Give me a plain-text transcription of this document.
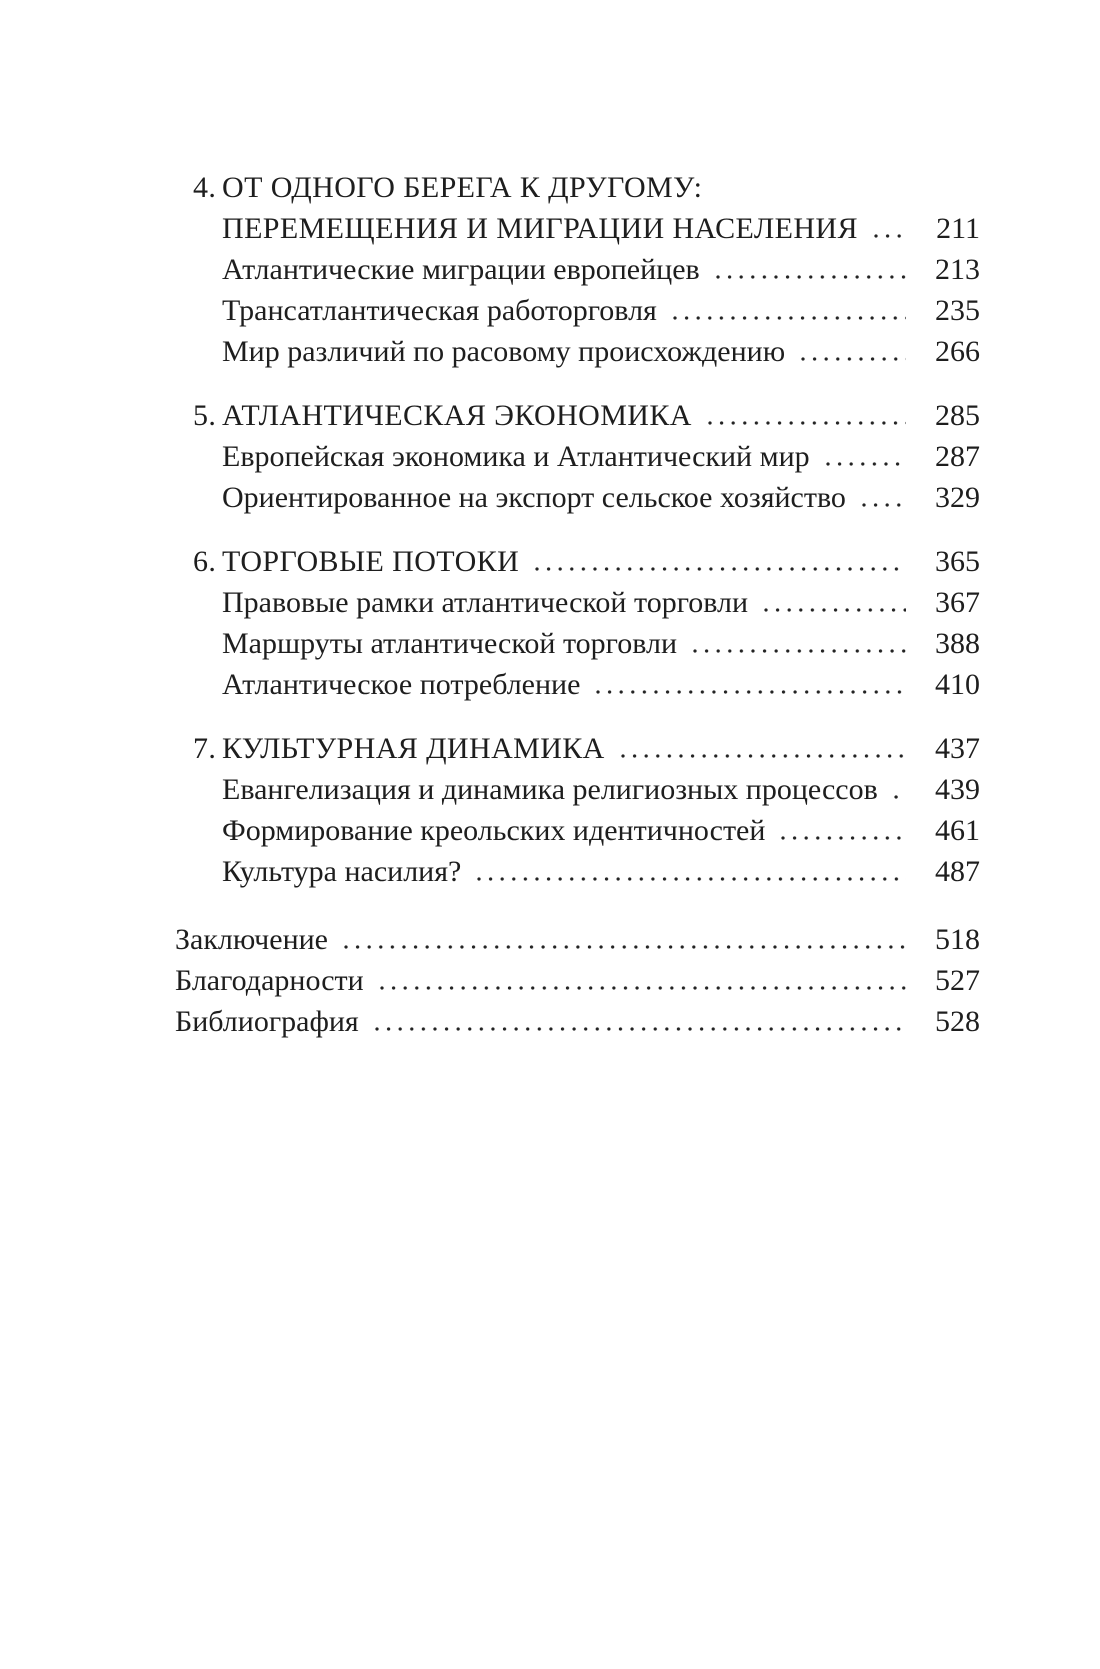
4. ОТ ОДНОГО БЕРЕГА К ДРУГОМУ:
ПЕРЕМЕЩЕНИЯ И МИГРАЦИИ НАСЕЛЕНИЯ	211
Атлантические миграции европейцев	213
Трансатлантическая работорговля	235
Мир различий по расовому происхождению	266
5. АТЛАНТИЧЕСКАЯ ЭКОНОМИКА	285
Европейская экономика и Атлантический мир	287
Ориентированное на экспорт сельское хозяйство	329
6. ТОРГОВЫЕ ПОТОКИ	365
Правовые рамки атлантической торговли	367
Маршруты атлантической торговли	388
Атлантическое потребление	410
7. КУЛЬТУРНАЯ ДИНАМИКА	437
Евангелизация и динамика религиозных процессов 439
Формирование креольских идентичностей	461
Культура насилия?	487
Заключение	518
Благодарности	527
Библиография	528
